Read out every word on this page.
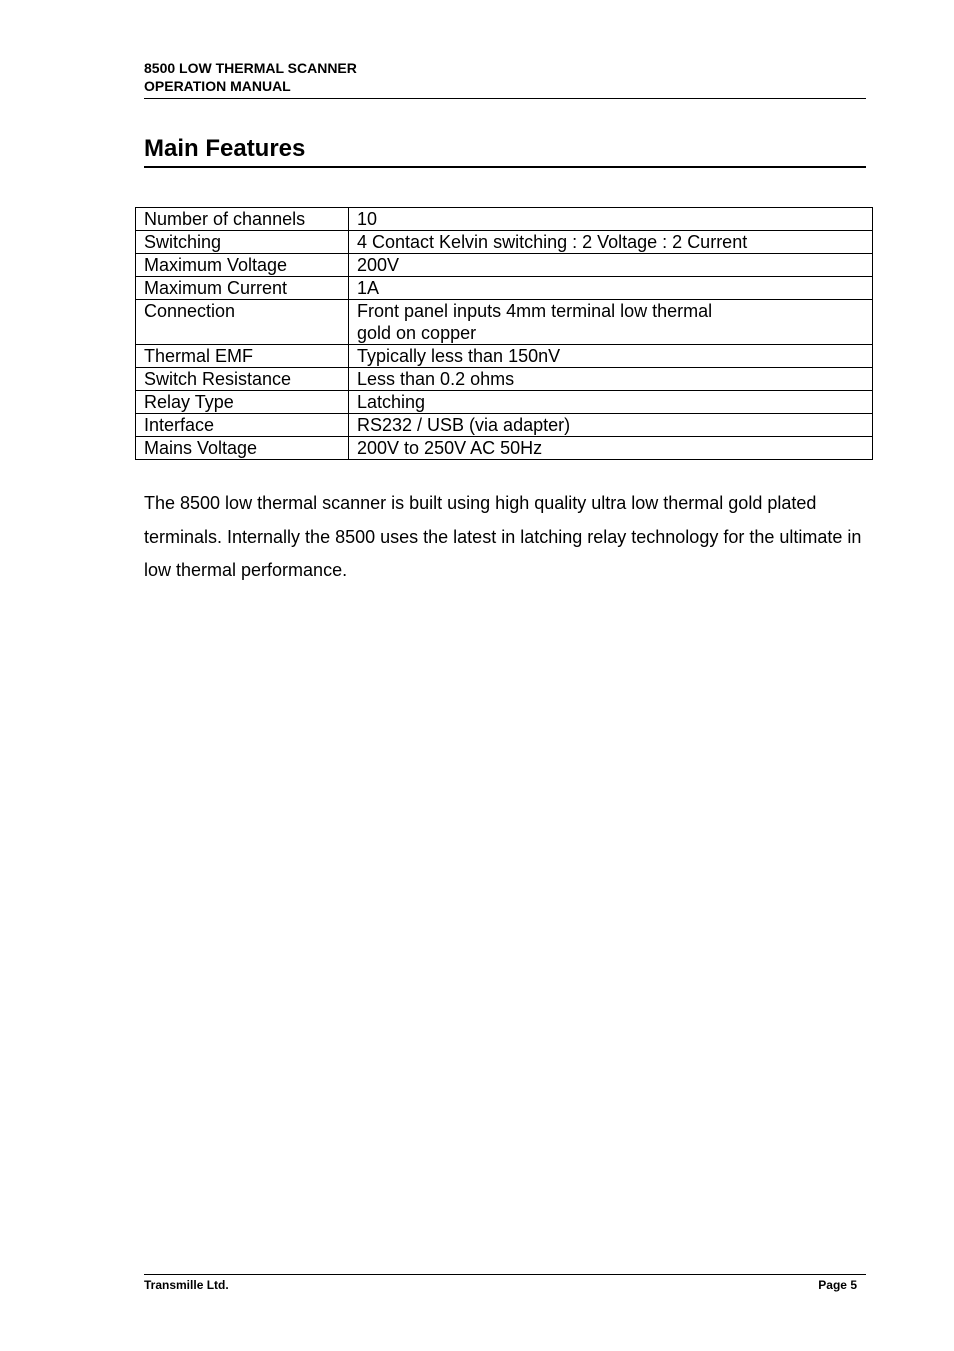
8500 LOW THERMAL SCANNER
OPERATION MANUAL
Main Features
Number of channels	10
Switching	4 Contact Kelvin switching : 2 Voltage : 2 Current
Maximum Voltage	200V
Maximum Current	1A
Connection	Front panel inputs 4mm terminal low thermal
gold on copper

Thermal EMF	Typically less than 150nV
Switch Resistance	Less than 0.2 ohms
Relay Type	Latching
Interface	RS232 / USB (via adapter)
Mains Voltage	200V to 250V AC 50Hz

The 8500 low thermal scanner is built using high quality ultra low thermal gold plated terminals. Internally the 8500 uses the latest in latching relay technology for the ultimate in low thermal performance.

Transmille Ltd.	Page 5
